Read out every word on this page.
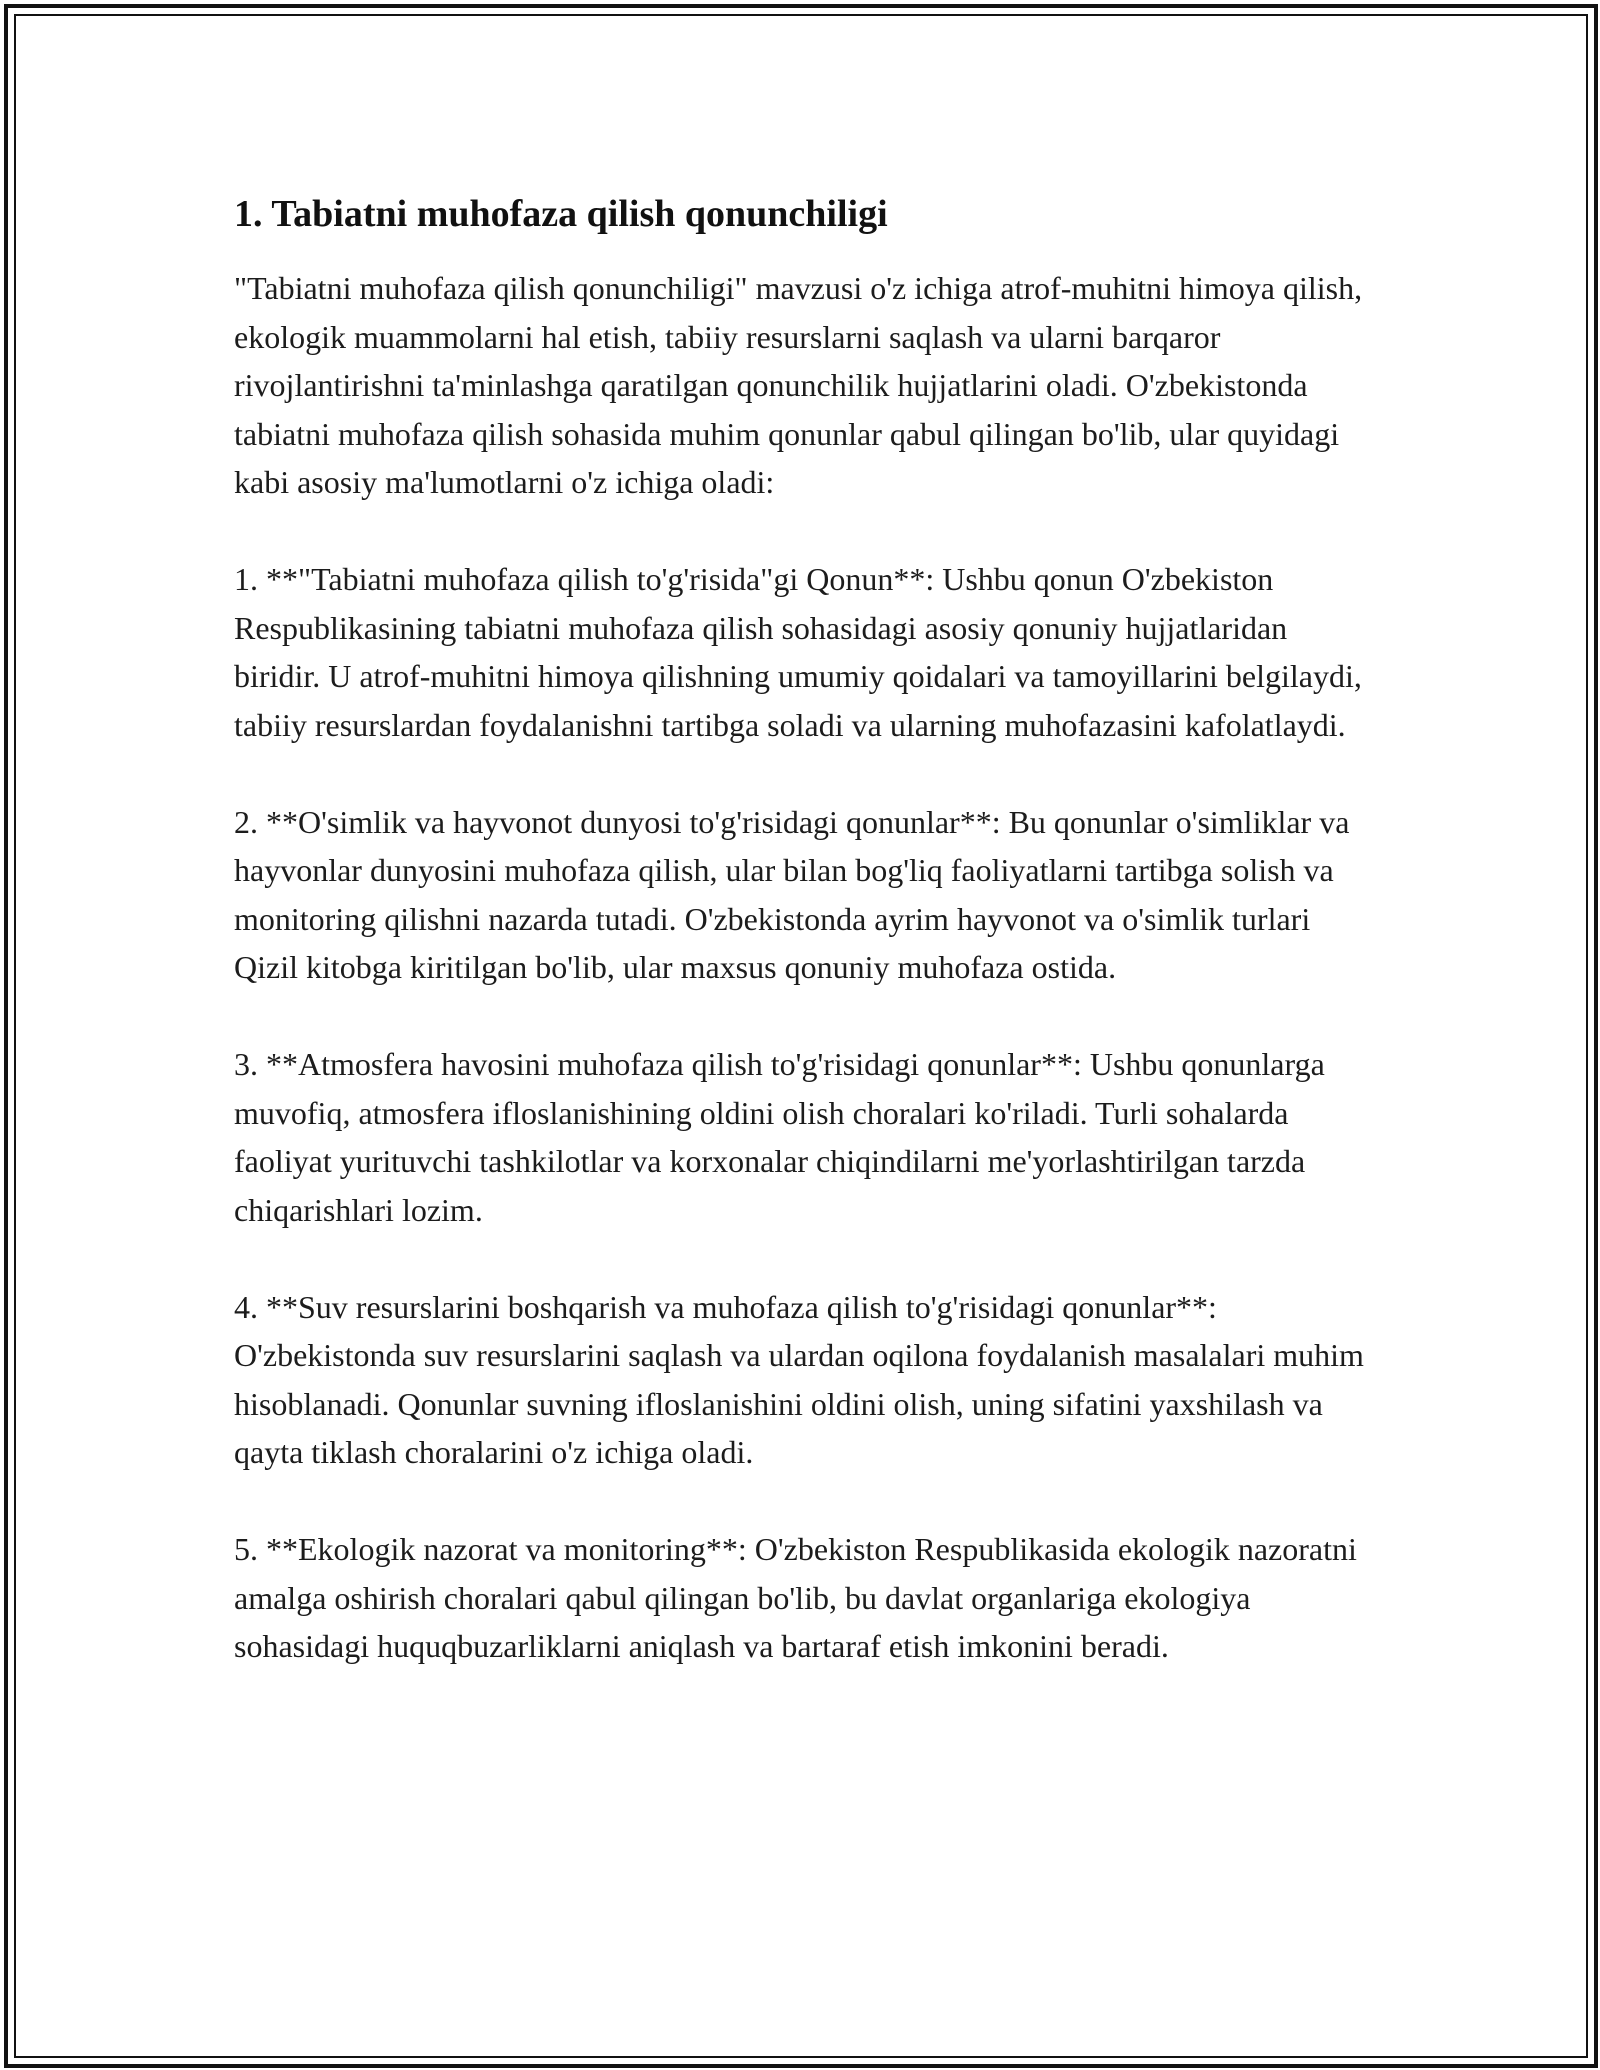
1. Tabiatni muhofaza qilish qonunchiligi

"Tabiatni muhofaza qilish qonunchiligi" mavzusi o'z ichiga atrof-muhitni himoya qilish, ekologik muammolarni hal etish, tabiiy resurslarni saqlash va ularni barqaror rivojlantirishni ta'minlashga qaratilgan qonunchilik hujjatlarini oladi. O'zbekistonda tabiatni muhofaza qilish sohasida muhim qonunlar qabul qilingan bo'lib, ular quyidagi kabi asosiy ma'lumotlarni o'z ichiga oladi:

1. **"Tabiatni muhofaza qilish to'g'risida"gi Qonun**: Ushbu qonun O'zbekiston Respublikasining tabiatni muhofaza qilish sohasidagi asosiy qonuniy hujjatlaridan biridir. U atrof-muhitni himoya qilishning umumiy qoidalari va tamoyillarini belgilaydi, tabiiy resurslardan foydalanishni tartibga soladi va ularning muhofazasini kafolatlaydi.

2. **O'simlik va hayvonot dunyosi to'g'risidagi qonunlar**: Bu qonunlar o'simliklar va hayvonlar dunyosini muhofaza qilish, ular bilan bog'liq faoliyatlarni tartibga solish va monitoring qilishni nazarda tutadi. O'zbekistonda ayrim hayvonot va o'simlik turlari Qizil kitobga kiritilgan bo'lib, ular maxsus qonuniy muhofaza ostida.

3. **Atmosfera havosini muhofaza qilish to'g'risidagi qonunlar**: Ushbu qonunlarga muvofiq, atmosfera ifloslanishining oldini olish choralari ko'riladi. Turli sohalarda faoliyat yurituvchi tashkilotlar va korxonalar chiqindilarni me'yorlashtirilgan tarzda chiqarishlari lozim.

4. **Suv resurslarini boshqarish va muhofaza qilish to'g'risidagi qonunlar**: O'zbekistonda suv resurslarini saqlash va ulardan oqilona foydalanish masalalari muhim hisoblanadi. Qonunlar suvning ifloslanishini oldini olish, uning sifatini yaxshilash va qayta tiklash choralarini o'z ichiga oladi.

5. **Ekologik nazorat va monitoring**: O'zbekiston Respublikasida ekologik nazoratni amalga oshirish choralari qabul qilingan bo'lib, bu davlat organlariga ekologiya sohasidagi huquqbuzarliklarni aniqlash va bartaraf etish imkonini beradi.
